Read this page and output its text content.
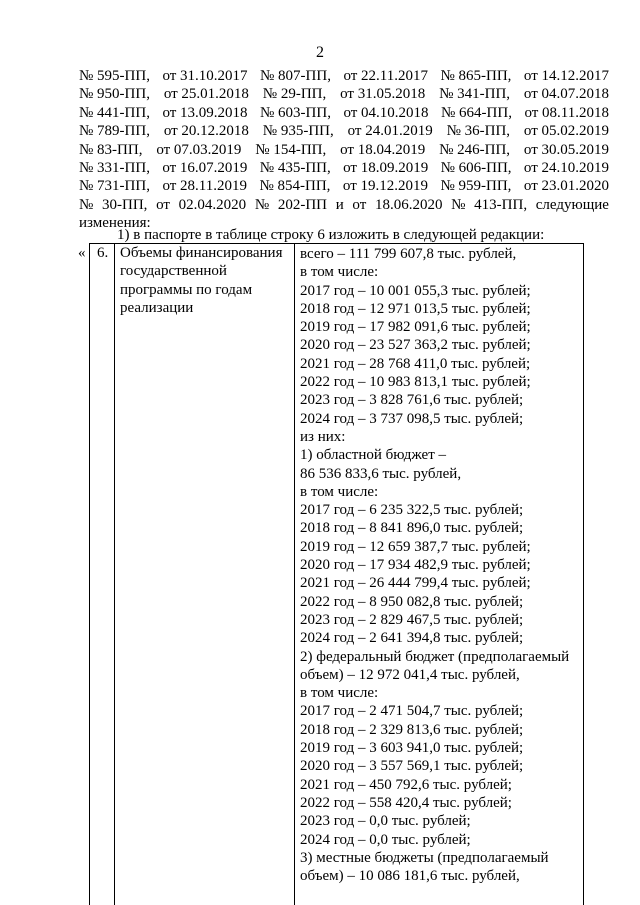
2
№ 595-ПП, от 31.10.2017 № 807-ПП, от 22.11.2017 № 865-ПП, от 14.12.2017
№ 950-ПП, от 25.01.2018 № 29-ПП, от 31.05.2018 № 341-ПП, от 04.07.2018
№ 441-ПП, от 13.09.2018 № 603-ПП, от 04.10.2018 № 664-ПП, от 08.11.2018
№ 789-ПП, от 20.12.2018 № 935-ПП, от 24.01.2019 № 36-ПП, от 05.02.2019
№ 83-ПП, от 07.03.2019 № 154-ПП, от 18.04.2019 № 246-ПП, от 30.05.2019
№ 331-ПП, от 16.07.2019 № 435-ПП, от 18.09.2019 № 606-ПП, от 24.10.2019
№ 731-ПП, от 28.11.2019 № 854-ПП, от 19.12.2019 № 959-ПП, от 23.01.2020
№ 30-ПП, от 02.04.2020 № 202-ПП и от 18.06.2020 № 413-ПП, следующие
изменения:
1) в паспорте в таблице строку 6 изложить в следующей редакции:
« 6. Объемы финансирования государственной программы по годам реализации
всего – 111 799 607,8 тыс. рублей,
в том числе:
2017 год – 10 001 055,3 тыс. рублей;
2018 год – 12 971 013,5 тыс. рублей;
2019 год – 17 982 091,6 тыс. рублей;
2020 год – 23 527 363,2 тыс. рублей;
2021 год – 28 768 411,0 тыс. рублей;
2022 год – 10 983 813,1 тыс. рублей;
2023 год – 3 828 761,6 тыс. рублей;
2024 год – 3 737 098,5 тыс. рублей;
из них:
1) областной бюджет –
86 536 833,6 тыс. рублей,
в том числе:
2017 год – 6 235 322,5 тыс. рублей;
2018 год – 8 841 896,0 тыс. рублей;
2019 год – 12 659 387,7 тыс. рублей;
2020 год – 17 934 482,9 тыс. рублей;
2021 год – 26 444 799,4 тыс. рублей;
2022 год – 8 950 082,8 тыс. рублей;
2023 год – 2 829 467,5 тыс. рублей;
2024 год – 2 641 394,8 тыс. рублей;
2) федеральный бюджет (предполагаемый
объем) – 12 972 041,4 тыс. рублей,
в том числе:
2017 год – 2 471 504,7 тыс. рублей;
2018 год – 2 329 813,6 тыс. рублей;
2019 год – 3 603 941,0 тыс. рублей;
2020 год – 3 557 569,1 тыс. рублей;
2021 год – 450 792,6 тыс. рублей;
2022 год – 558 420,4 тыс. рублей;
2023 год – 0,0 тыс. рублей;
2024 год – 0,0 тыс. рублей;
3) местные бюджеты (предполагаемый
объем) – 10 086 181,6 тыс. рублей,
